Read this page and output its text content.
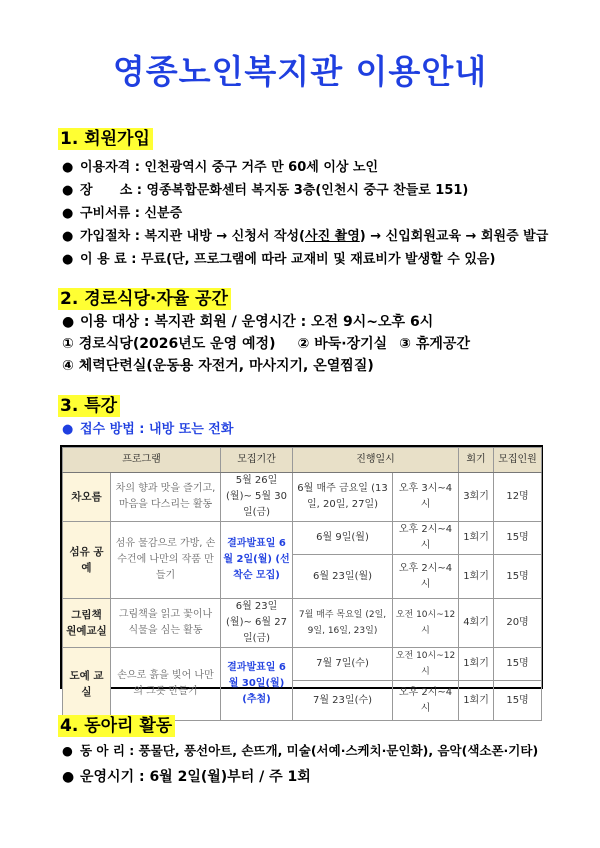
영종노인복지관 이용안내
1. 회원가입
● 이용자격 : 인천광역시 중구 거주 만 60세 이상 노인
● 장      소 : 영종복합문화센터 복지동 3층(인천시 중구 찬들로 151)
● 구비서류 : 신분증
● 가입절차 : 복지관 내방 → 신청서 작성(사진 촬영) → 신입회원교육 → 회원증 발급
● 이 용 료 : 무료(단, 프로그램에 따라 교재비 및 재료비가 발생할 수 있음)
2. 경로식당·자율 공간
● 이용 대상 : 복지관 회원 / 운영시간 : 오전 9시~오후 6시
① 경로식당(2026년도 운영 예정) ② 바둑·장기실 ③ 휴게공간
④ 체력단련실(운동용 자전거, 마사지기, 온열찜질)
3. 특강
● 접수 방법 : 내방 또는 전화
프로그램		모집기간	진행일시		회기	모집인원
차오름	차의 향과 맛을 즐기고, 마음을 다스리는 활동	5월 26일(월)~ 5월 30일(금)	6월 매주 금요일 (13일, 20일, 27일)	오후 3시~4시	3회기	12명
섬유 공예	섬유 물감으로 가방, 손수건에 나만의 작품 만들기	결과발표일 6월 2일(월) (선착순 모집)	6월 9일(월)	오후 2시~4시	1회기	15명
			6월 23일(월)	오후 2시~4시	1회기	15명
그림책 원예교실	그림책을 읽고 꽃이나 식물을 심는 활동	6월 23일(월)~ 6월 27일(금)	7월 매주 목요일 (2일, 9일, 16일, 23일)	오전 10시~12시	4회기	20명
도예 교실	손으로 흙을 빚어 나만의 그릇 만들기	결과발표일 6월 30일(월) (추첨)	7월 7일(수)	오전 10시~12시	1회기	15명
			7월 23일(수)	오후 2시~4시	1회기	15명
4. 동아리 활동
● 동 아 리 : 풍물단, 풍선아트, 손뜨개, 미술(서예·스케치·문인화), 음악(색소폰·기타)
● 운영시기 : 6월 2일(월)부터 / 주 1회
